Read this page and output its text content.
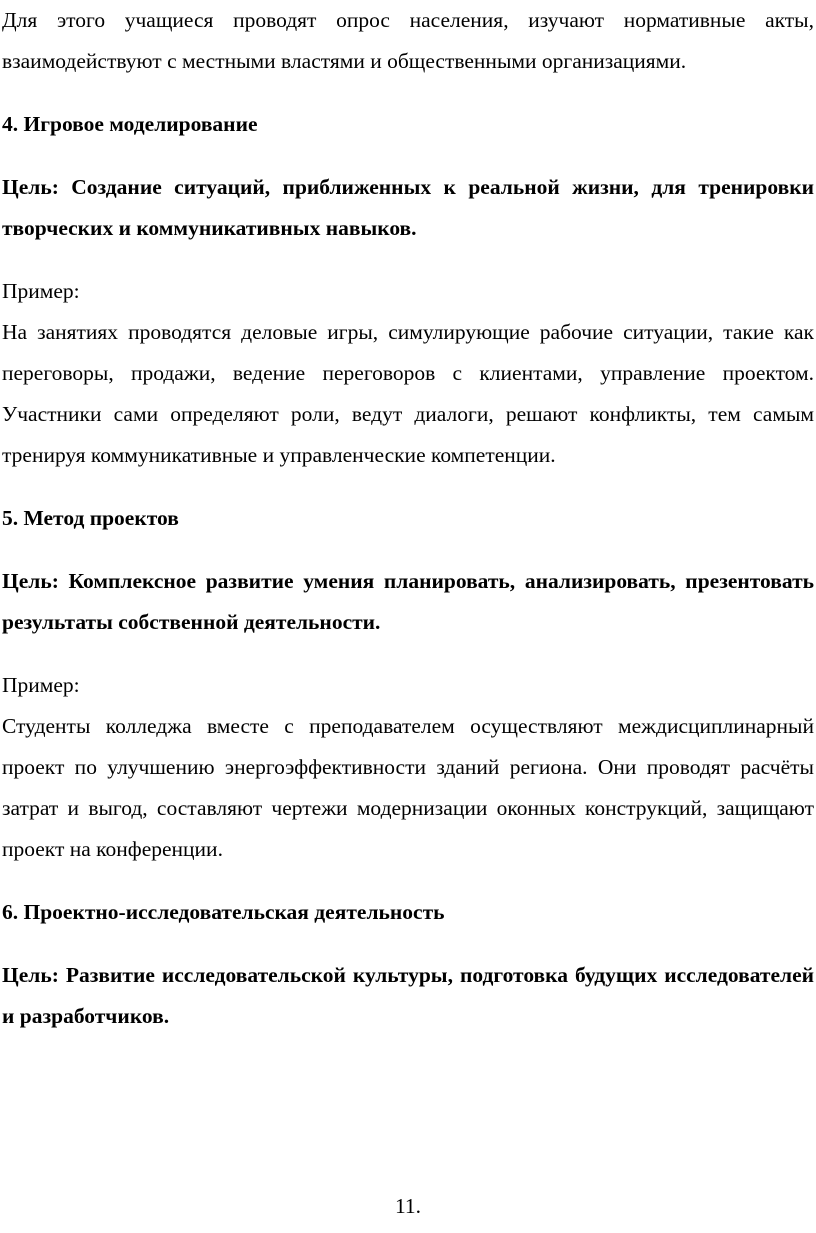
Для этого учащиеся проводят опрос населения, изучают нормативные акты, взаимодействуют с местными властями и общественными организациями.

4. Игровое моделирование

Цель: Создание ситуаций, приближенных к реальной жизни, для тренировки творческих и коммуникативных навыков.

Пример:

На занятиях проводятся деловые игры, симулирующие рабочие ситуации, такие как переговоры, продажи, ведение переговоров с клиентами, управление проектом. Участники сами определяют роли, ведут диалоги, решают конфликты, тем самым тренируя коммуникативные и управленческие компетенции.

5. Метод проектов

Цель: Комплексное развитие умения планировать, анализировать, презентовать результаты собственной деятельности.

Пример:

Студенты колледжа вместе с преподавателем осуществляют междисциплинарный проект по улучшению энергоэффективности зданий региона. Они проводят расчёты затрат и выгод, составляют чертежи модернизации оконных конструкций, защищают проект на конференции.

6. Проектно-исследовательская деятельность

Цель: Развитие исследовательской культуры, подготовка будущих исследователей и разработчиков.

11.
